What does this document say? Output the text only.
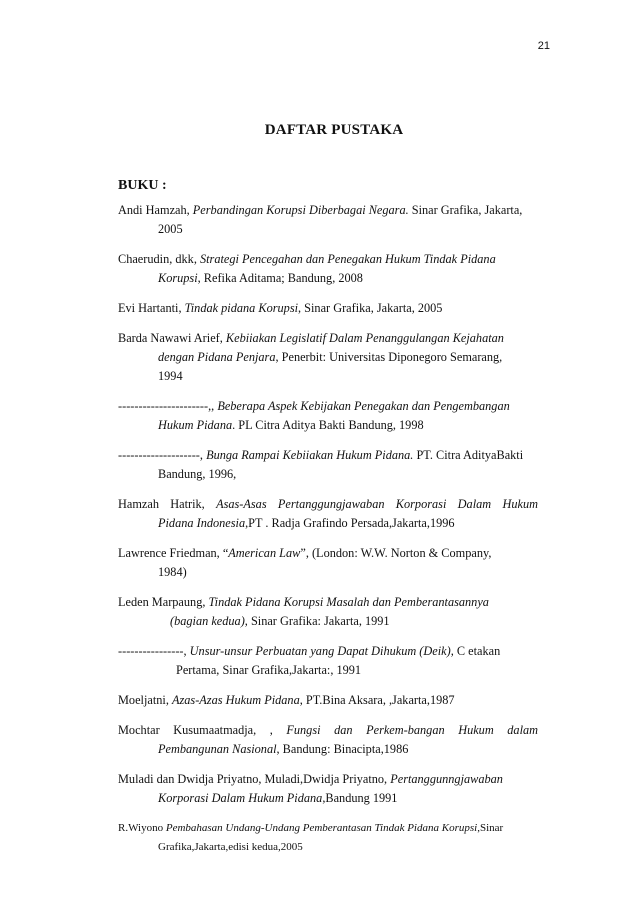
21
DAFTAR PUSTAKA
BUKU :
Andi Hamzah, Perbandingan Korupsi Diberbagai Negara. Sinar Grafika, Jakarta,
2005
Chaerudin, dkk, Strategi Pencegahan dan Penegakan Hukum Tindak Pidana
Korupsi, Refika Aditama; Bandung, 2008
Evi Hartanti, Tindak pidana Korupsi, Sinar Grafika, Jakarta, 2005
Barda Nawawi Arief, Kebiiakan Legislatif Dalam Penanggulangan Kejahatan
dengan Pidana Penjara, Penerbit: Universitas Diponegoro Semarang,
1994
----------------------,, Beberapa Aspek Kebijakan Penegakan dan Pengembangan
Hukum Pidana. PL Citra Aditya Bakti Bandung, 1998
--------------------, Bunga Rampai Kebiiakan Hukum Pidana. PT. Citra AdityaBakti
Bandung, 1996,
Hamzah Hatrik, Asas-Asas Pertanggungjawaban Korporasi Dalam Hukum
Pidana Indonesia,PT . Radja Grafindo Persada,Jakarta,1996
Lawrence Friedman, “American Law”, (London: W.W. Norton & Company,
1984)
Leden Marpaung, Tindak Pidana Korupsi Masalah dan Pemberantasannya
(bagian kedua), Sinar Grafika: Jakarta, 1991
----------------, Unsur-unsur Perbuatan yang Dapat Dihukum (Deik), C etakan
Pertama, Sinar Grafika,Jakarta:, 1991
Moeljatni, Azas-Azas Hukum Pidana, PT.Bina Aksara, ,Jakarta,1987
Mochtar Kusumaatmadja, , Fungsi dan Perkem-bangan Hukum dalam
Pembangunan Nasional, Bandung: Binacipta,1986
Muladi dan Dwidja Priyatno, Muladi,Dwidja Priyatno, Pertanggunngjawaban
Korporasi Dalam Hukum Pidana,Bandung 1991
R.Wiyono Pembahasan Undang-Undang Pemberantasan Tindak Pidana Korupsi,Sinar
Grafika,Jakarta,edisi kedua,2005
